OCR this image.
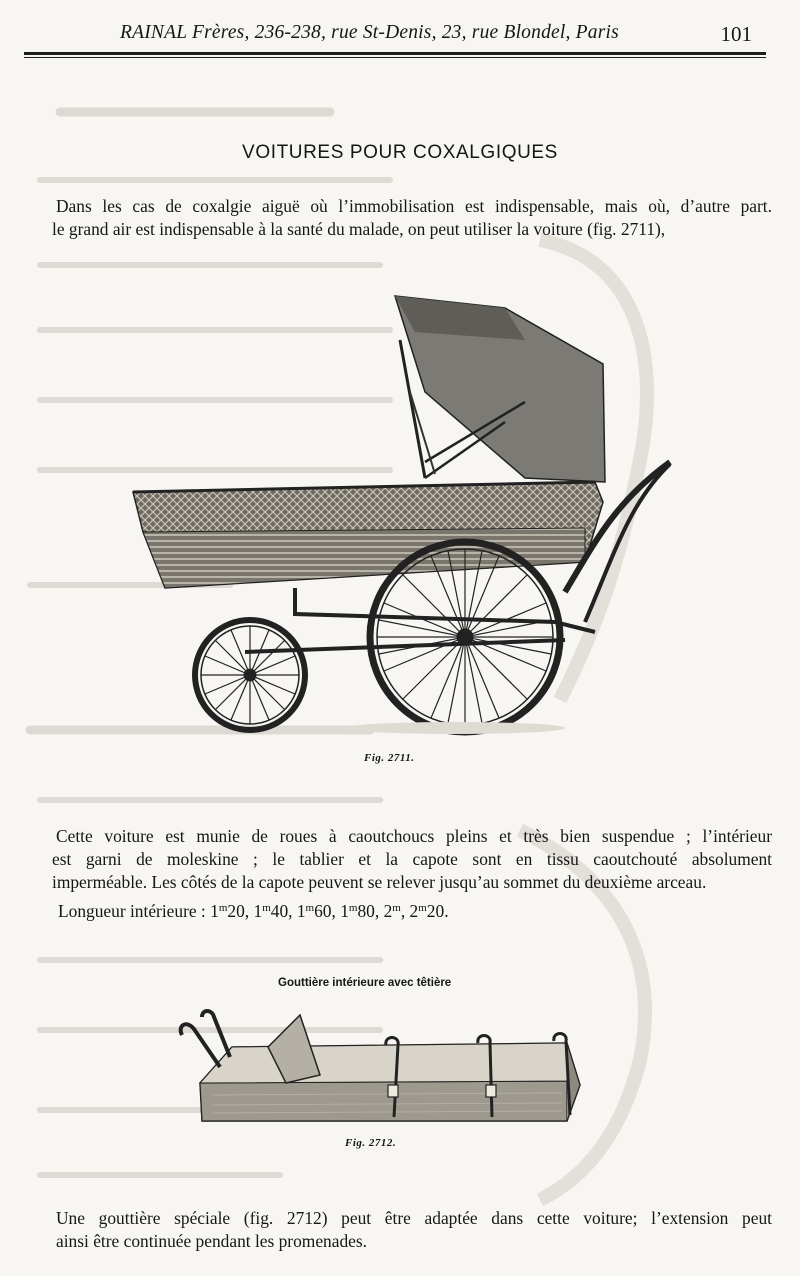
RAINAL Frères, 236-238, rue St-Denis, 23, rue Blondel, Paris	101
VOITURES POUR COXALGIQUES
Dans les cas de coxalgie aiguë où l’immobilisation est indispensable, mais où, d’autre part.
le grand air est indispensable à la santé du malade, on peut utiliser la voiture (fig. 2711),
Fig. 2711.
Cette voiture est munie de roues à caoutchoucs pleins et très bien suspendue ; l’intérieur
est garni de moleskine ; le tablier et la capote sont en tissu caoutchouté absolument
imperméable. Les côtés de la capote peuvent se relever jusqu’au sommet du deuxième arceau.
Longueur intérieure : 1$^m$20, 1$^m$40, 1$^m$60, 1$^m$80, 2$^m$, 2$^m$20.
Gouttière intérieure avec têtière
Fig. 2712.
Une gouttière spéciale (fig. 2712) peut être adaptée dans cette voiture; l’extension peut
ainsi être continuée pendant les promenades.
